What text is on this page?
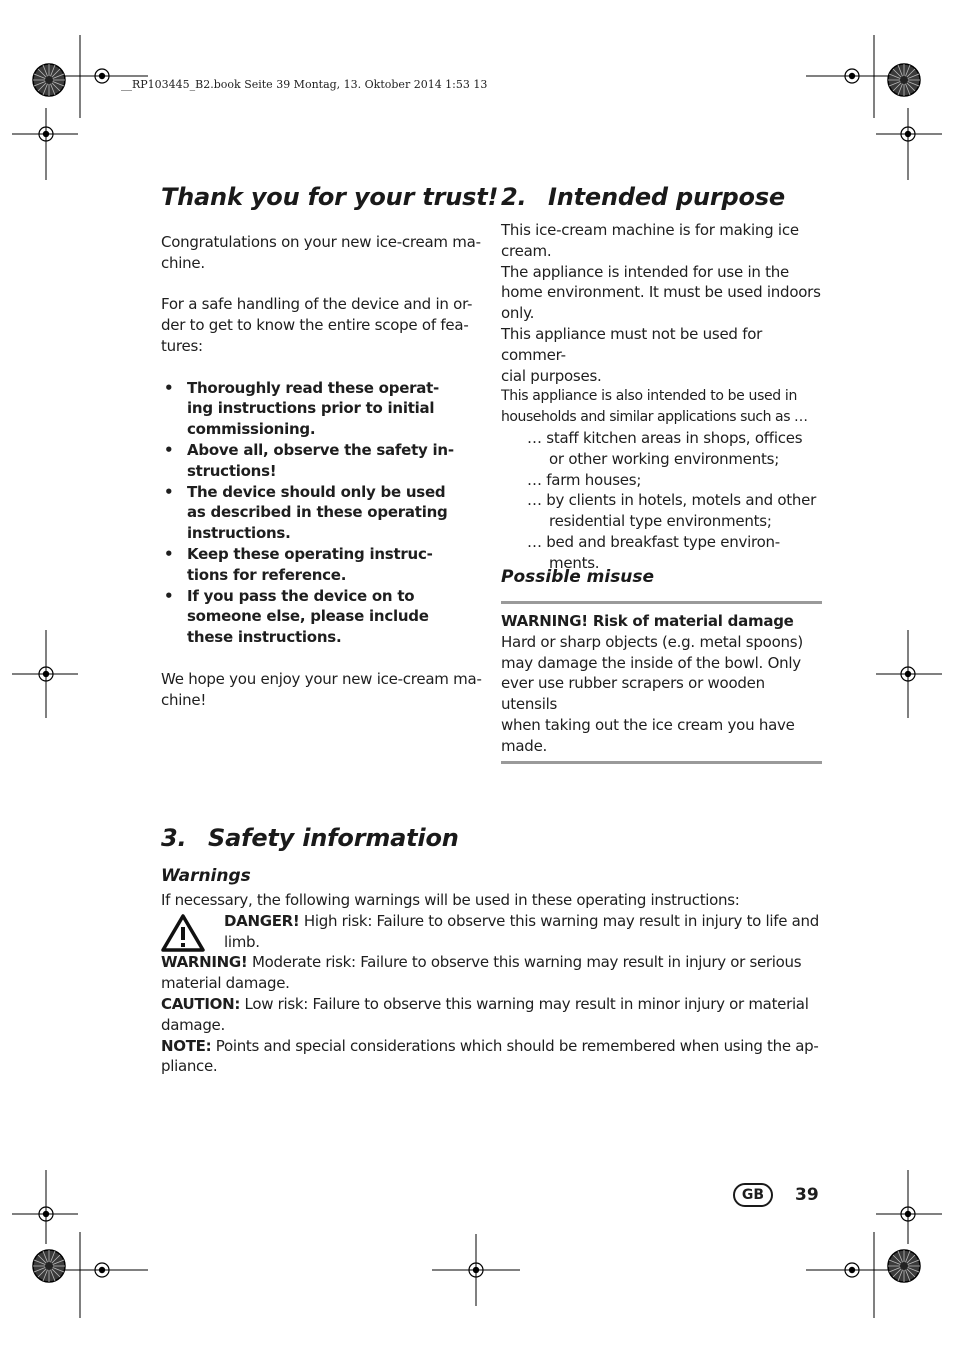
__RP103445_B2.book Seite 39 Montag, 13. Oktober 2014 1:53 13
Thank you for your trust!

Congratulations on your new ice-cream ma-

chine.

For a safe handling of the device and in or-

der to get to know the entire scope of fea-

tures:

• Thoroughly read these operat-
ing instructions prior to initial
commissioning.
• Above all, observe the safety in-
structions!
• The device should only be used
as described in these operating
instructions.
• Keep these operating instruc-
tions for reference.
• If you pass the device on to
someone else, please include
these instructions.

We hope you enjoy your new ice-cream ma-

chine!

2. Intended purpose

This ice-cream machine is for making ice

cream.

The appliance is intended for use in the

home environment. It must be used indoors

only.

This appliance must not be used for commer-

cial purposes.

This appliance is also intended to be used in

households and similar applications such as …

… staff kitchen areas in shops, offices
or other working environments;
… farm houses;
… by clients in hotels, motels and other
residential type environments;
… bed and breakfast type environ-
ments.
Possible misuse
WARNING! Risk of material damage
Hard or sharp objects (e.g. metal spoons)
may damage the inside of the bowl. Only
ever use rubber scrapers or wooden utensils
when taking out the ice cream you have
made.
3. Safety information
Warnings

If necessary, the following warnings will be used in these operating instructions:

DANGER! High risk: Failure to observe this warning may result in injury to life and

limb.

WARNING! Moderate risk: Failure to observe this warning may result in injury or serious

material damage.

CAUTION: Low risk: Failure to observe this warning may result in minor injury or material

damage.

NOTE: Points and special considerations which should be remembered when using the ap-

pliance.

GB	39
